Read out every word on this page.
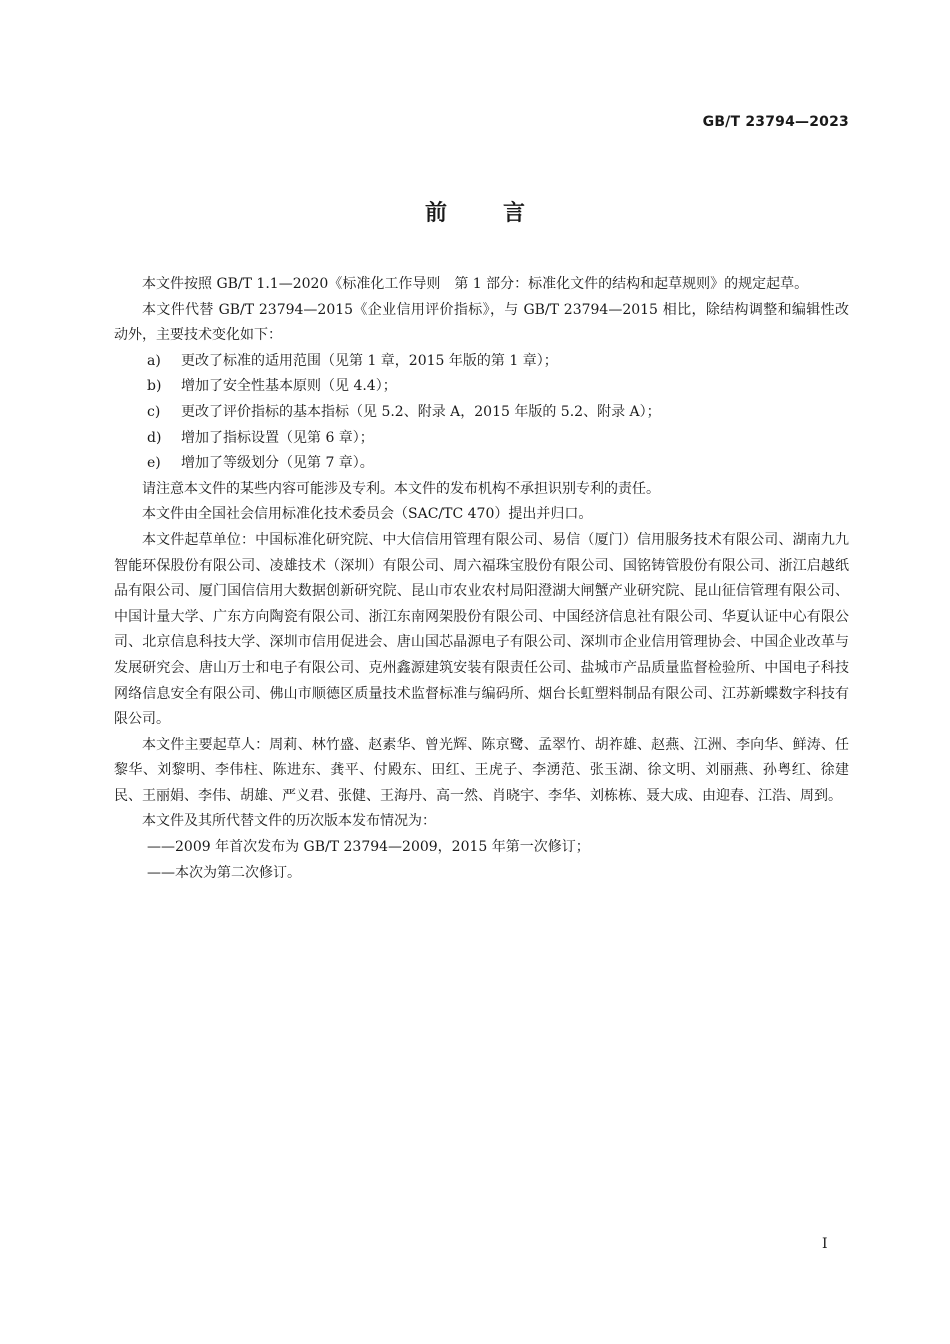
GB/T 23794—2023
前言

本文件按照 GB/T 1.1—2020《标准化工作导则　第 1 部分：标准化文件的结构和起草规则》的规定起草。

本文件代替 GB/T 23794—2015《企业信用评价指标》，与 GB/T 23794—2015 相比，除结构调整和编辑性改动外，主要技术变化如下：

a) 更改了标准的适用范围（见第 1 章，2015 年版的第 1 章）；

b) 增加了安全性基本原则（见 4.4）；

c) 更改了评价指标的基本指标（见 5.2、附录 A，2015 年版的 5.2、附录 A）；

d) 增加了指标设置（见第 6 章）；

e) 增加了等级划分（见第 7 章）。

请注意本文件的某些内容可能涉及专利。本文件的发布机构不承担识别专利的责任。

本文件由全国社会信用标准化技术委员会（SAC/TC 470）提出并归口。

本文件起草单位：中国标准化研究院、中大信信用管理有限公司、易信（厦门）信用服务技术有限公司、湖南九九智能环保股份有限公司、凌雄技术（深圳）有限公司、周六福珠宝股份有限公司、国铭铸管股份有限公司、浙江启越纸品有限公司、厦门国信信用大数据创新研究院、昆山市农业农村局阳澄湖大闸蟹产业研究院、昆山征信管理有限公司、中国计量大学、广东方向陶瓷有限公司、浙江东南网架股份有限公司、中国经济信息社有限公司、华夏认证中心有限公司、北京信息科技大学、深圳市信用促进会、唐山国芯晶源电子有限公司、深圳市企业信用管理协会、中国企业改革与发展研究会、唐山万士和电子有限公司、克州鑫源建筑安装有限责任公司、盐城市产品质量监督检验所、中国电子科技网络信息安全有限公司、佛山市顺德区质量技术监督标准与编码所、烟台长虹塑料制品有限公司、江苏新蝶数字科技有限公司。

本文件主要起草人：周莉、林竹盛、赵素华、曾光辉、陈京鹭、孟翠竹、胡祚雄、赵燕、江洲、李向华、鲜涛、任黎华、刘黎明、李伟柱、陈进东、龚平、付殿东、田红、王虎子、李湧范、张玉湖、徐文明、刘丽燕、孙粤红、徐建民、王丽娟、李伟、胡雄、严义君、张健、王海丹、高一然、肖晓宇、李华、刘栋栋、聂大成、由迎春、江浩、周到。

本文件及其所代替文件的历次版本发布情况为：

——2009 年首次发布为 GB/T 23794—2009，2015 年第一次修订；

——本次为第二次修订。

I
